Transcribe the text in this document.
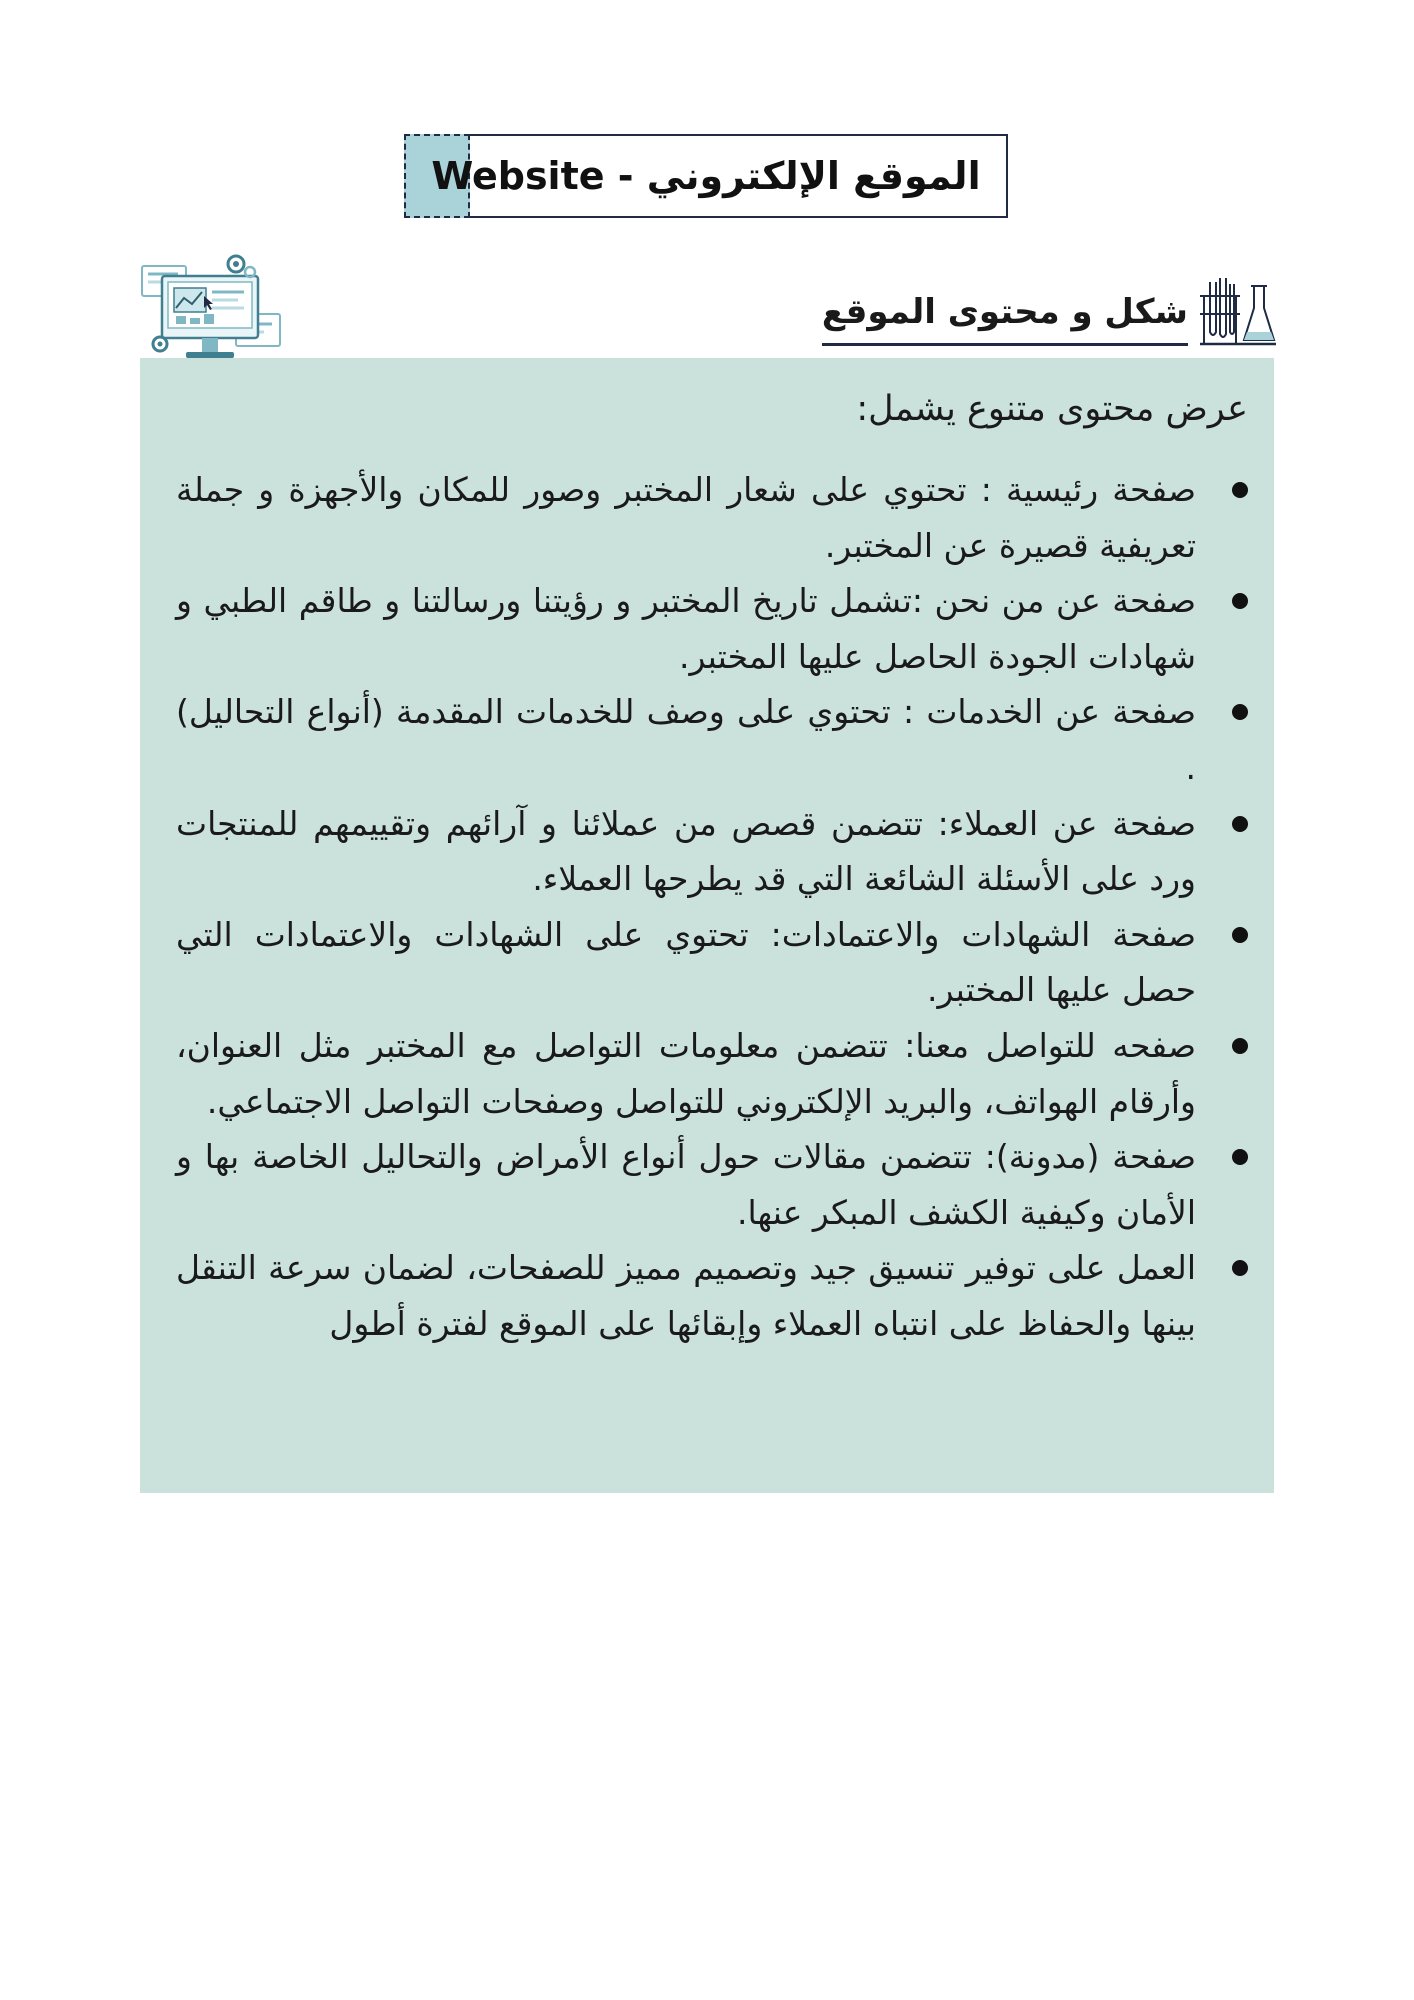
الموقع الإلكتروني - Website
شكل و محتوى الموقع

عرض محتوى متنوع يشمل:

صفحة رئيسية : تحتوي على شعار المختبر وصور للمكان والأجهزة و جملة تعريفية قصيرة عن المختبر.
صفحة عن من نحن :تشمل تاريخ المختبر و رؤيتنا ورسالتنا و طاقم الطبي و شهادات الجودة الحاصل عليها المختبر.
صفحة عن الخدمات : تحتوي على وصف للخدمات المقدمة (أنواع التحاليل) .
صفحة عن العملاء: تتضمن قصص من عملائنا و آرائهم وتقييمهم للمنتجات ورد على الأسئلة الشائعة التي قد يطرحها العملاء.
صفحة الشهادات والاعتمادات: تحتوي على الشهادات والاعتمادات التي حصل عليها المختبر.
صفحه للتواصل معنا: تتضمن معلومات التواصل مع المختبر مثل العنوان، وأرقام الهواتف، والبريد الإلكتروني للتواصل وصفحات التواصل الاجتماعي.
صفحة (مدونة): تتضمن مقالات حول أنواع الأمراض والتحاليل الخاصة بها و الأمان وكيفية الكشف المبكر عنها.
العمل على توفير تنسيق جيد وتصميم مميز للصفحات، لضمان سرعة التنقل بينها والحفاظ على انتباه العملاء وإبقائها على الموقع لفترة أطول
